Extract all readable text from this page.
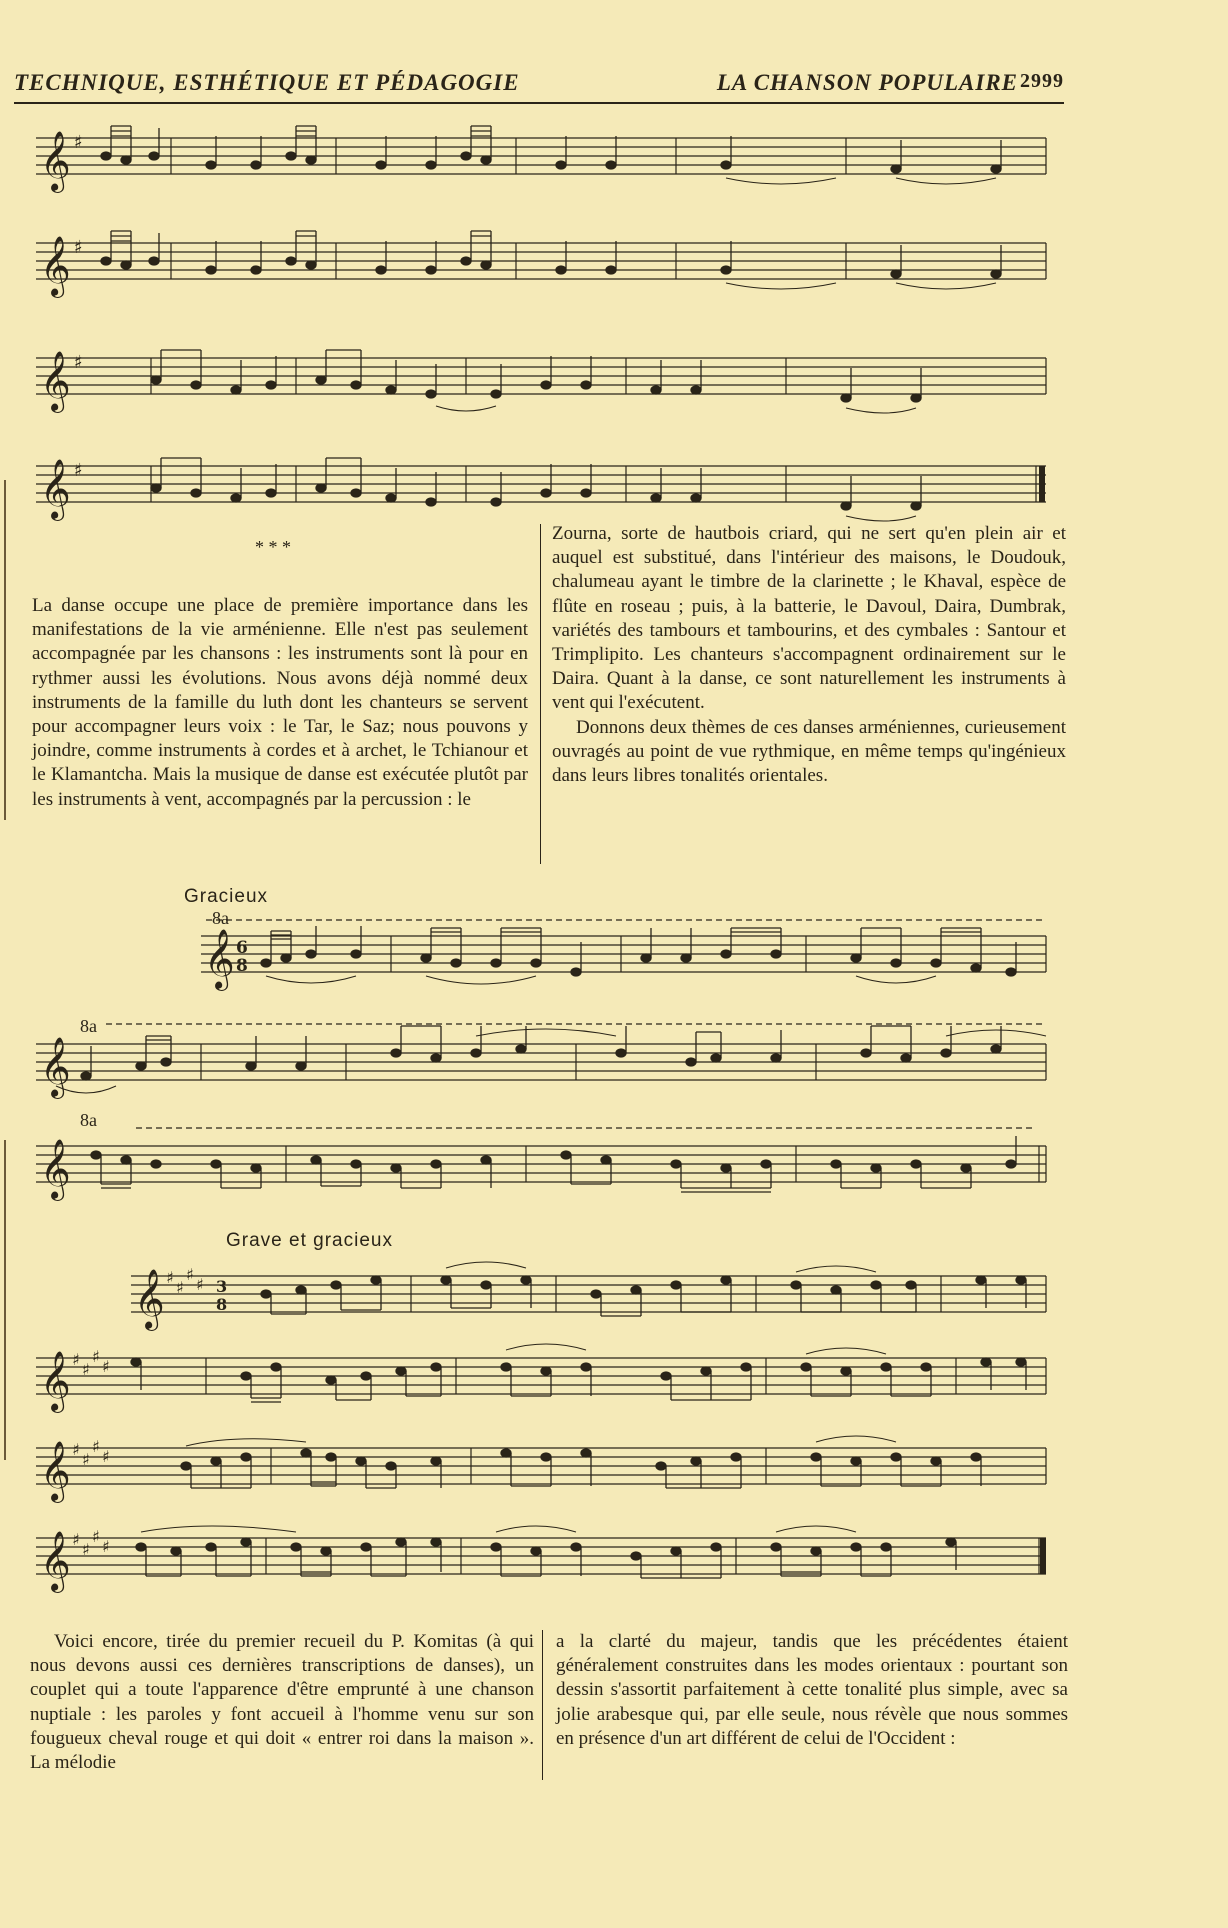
TECHNIQUE, ESTHÉTIQUE ET PÉDAGOGIE	LA CHANSON POPULAIRE 2999
𝄞
𝄞
𝄞
𝄞
♯
♯
♯
♯
* * *

La danse occupe une place de première importance dans les manifestations de la vie arménienne. Elle n'est pas seulement accompagnée par les chansons : les instruments sont là pour en rythmer aussi les évolutions. Nous avons déjà nommé deux instruments de la famille du luth dont les chanteurs se servent pour accompagner leurs voix : le Tar, le Saz; nous pouvons y joindre, comme instruments à cordes et à archet, le Tchianour et le Klamantcha. Mais la musique de danse est exécutée plutôt par les instruments à vent, accompagnés par la percussion : le

Zourna, sorte de hautbois criard, qui ne sert qu'en plein air et auquel est substitué, dans l'intérieur des maisons, le Doudouk, chalumeau ayant le timbre de la clarinette ; le Khaval, espèce de flûte en roseau ; puis, à la batterie, le Davoul, Daira, Dumbrak, variétés des tambours et tambourins, et des cymbales : Santour et Trimplipito. Les chanteurs s'accompagnent ordinairement sur le Daira. Quant à la danse, ce sont naturellement les instruments à vent qui l'exécutent.

Donnons deux thèmes de ces danses arméniennes, curieusement ouvragés au point de vue rythmique, en même temps qu'ingénieux dans leurs libres tonalités orientales.

Gracieux
𝄞
𝄞
𝄞
6
8
8a
8a
8a
Grave et gracieux
𝄞
𝄞
𝄞
𝄞
♯
♯
♯
♯
♯
♯
♯
♯
♯
♯
♯
♯
♯
♯
♯
♯
3
8

Voici encore, tirée du premier recueil du P. Komitas (à qui nous devons aussi ces dernières transcriptions de danses), un couplet qui a toute l'apparence d'être emprunté à une chanson nuptiale : les paroles y font accueil à l'homme venu sur son fougueux cheval rouge et qui doit « entrer roi dans la maison ». La mélodie

a la clarté du majeur, tandis que les précédentes étaient généralement construites dans les modes orientaux : pourtant son dessin s'assortit parfaitement à cette tonalité plus simple, avec sa jolie arabesque qui, par elle seule, nous révèle que nous sommes en présence d'un art différent de celui de l'Occident :
